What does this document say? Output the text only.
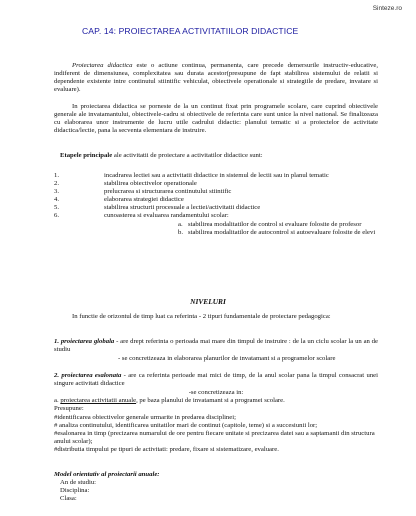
Sinteze.ro
CAP. 14: PROIECTAREA ACTIVITATIILOR DIDACTICE
Proiectarea didactica este o actiune continua, permanenta, care precede demersurile instructiv-educative, indiferent de dimensiunea, complexitatea sau durata acestor(presupune de fapt stabilirea sistemului de relatii si dependente existente intre continutul stiintific vehiculat, obiectivele operationale si strategiile de predare, invatare si evaluare).
In proiectarea didactica se porneste de la un continut fixat prin programele scolare, care cuprind obiectivele generale ale invatamantului, obiectivele-cadru si obiectivele de referinta care sunt unice la nivel national. Se finalizeaza cu elaborarea unor instrumente de lucru utile cadrului didactic: planului tematic si a proiectelor de activitate didactica/lectie, pana la secventa elementara de instruire.
Etapele principale ale activitatii de proiectare a activitatilor didactice sunt:
1.	incadrarea lectiei sau a activitatii didactice in sistemul de lectii sau in planul tematic
2.	stabilirea obiectivelor operationale
3.	prelucrarea si structurarea continutului stiintific
4.	elaborarea strategiei didactice
5.	stabilirea structurii procesuale a lectiei/activitatii didactice
6.	cunoasterea si evaluarea randamentului scolar:
a. stabilirea modalitatilor de control si evaluare folosite de profesor
b. stabilirea modalitatilor de autocontrol si autoevaluare folosite de elevi
NIVELURI
In functie de orizontul de timp luat ca referinta - 2 tipuri fundamentale de proiectare pedagogica:
1. proiectarea globala - are drept referinta o perioada mai mare din timpul de instruire : de la un ciclu scolar la un an de studiu
- se concretizeaza in elaborarea planurilor de invatamant si a programelor scolare
2. proiectarea esalonata - are ca referinta perioade mai mici de timp, de la anul scolar pana la timpul consacrat unei singure activitati didactice
-se concretizeaza in:
a. proiectarea activitatii anuale, pe baza planului de invatamant si a programei scolare.
Presupune:
#identificarea obiectivelor generale urmarite in predarea disciplinei;
# analiza continutului, identificarea unitatilor mari de continut (capitole, teme) si a succesiunii lor;
#esalonarea in timp (precizarea numarului de ore pentru fiecare unitate si precizarea datei sau a saptamanii din structura anului scolar);
#distributia timpului pe tipuri de activitati: predare, fixare si sistematizare, evaluare.
Model orientativ al proiectarii anuale:
An de studiu:
Disciplina:
Clasa:
